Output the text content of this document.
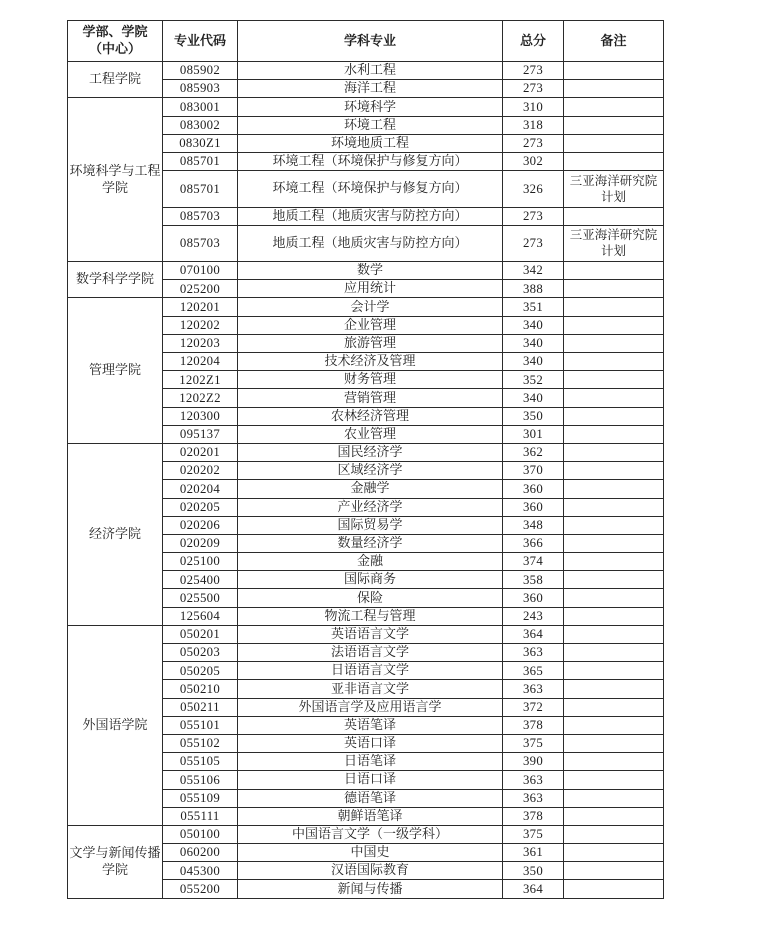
学部、学院（中心）	专业代码	学科专业	总分	备注
工程学院	085902	水利工程	273	
	085903	海洋工程	273	
环境科学与工程学院	083001	环境科学	310	
	083002	环境工程	318	
	0830Z1	环境地质工程	273	
	085701	环境工程（环境保护与修复方向）	302	
	085701	环境工程（环境保护与修复方向）	326	三亚海洋研究院计划
	085703	地质工程（地质灾害与防控方向）	273	
	085703	地质工程（地质灾害与防控方向）	273	三亚海洋研究院计划
数学科学学院	070100	数学	342	
	025200	应用统计	388	
管理学院	120201	会计学	351	
	120202	企业管理	340	
	120203	旅游管理	340	
	120204	技术经济及管理	340	
	1202Z1	财务管理	352	
	1202Z2	营销管理	340	
	120300	农林经济管理	350	
	095137	农业管理	301	
经济学院	020201	国民经济学	362	
	020202	区域经济学	370	
	020204	金融学	360	
	020205	产业经济学	360	
	020206	国际贸易学	348	
	020209	数量经济学	366	
	025100	金融	374	
	025400	国际商务	358	
	025500	保险	360	
	125604	物流工程与管理	243	
外国语学院	050201	英语语言文学	364	
	050203	法语语言文学	363	
	050205	日语语言文学	365	
	050210	亚非语言文学	363	
	050211	外国语言学及应用语言学	372	
	055101	英语笔译	378	
	055102	英语口译	375	
	055105	日语笔译	390	
	055106	日语口译	363	
	055109	德语笔译	363	
	055111	朝鲜语笔译	378	
文学与新闻传播学院	050100	中国语言文学（一级学科）	375	
	060200	中国史	361	
	045300	汉语国际教育	350	
	055200	新闻与传播	364	
